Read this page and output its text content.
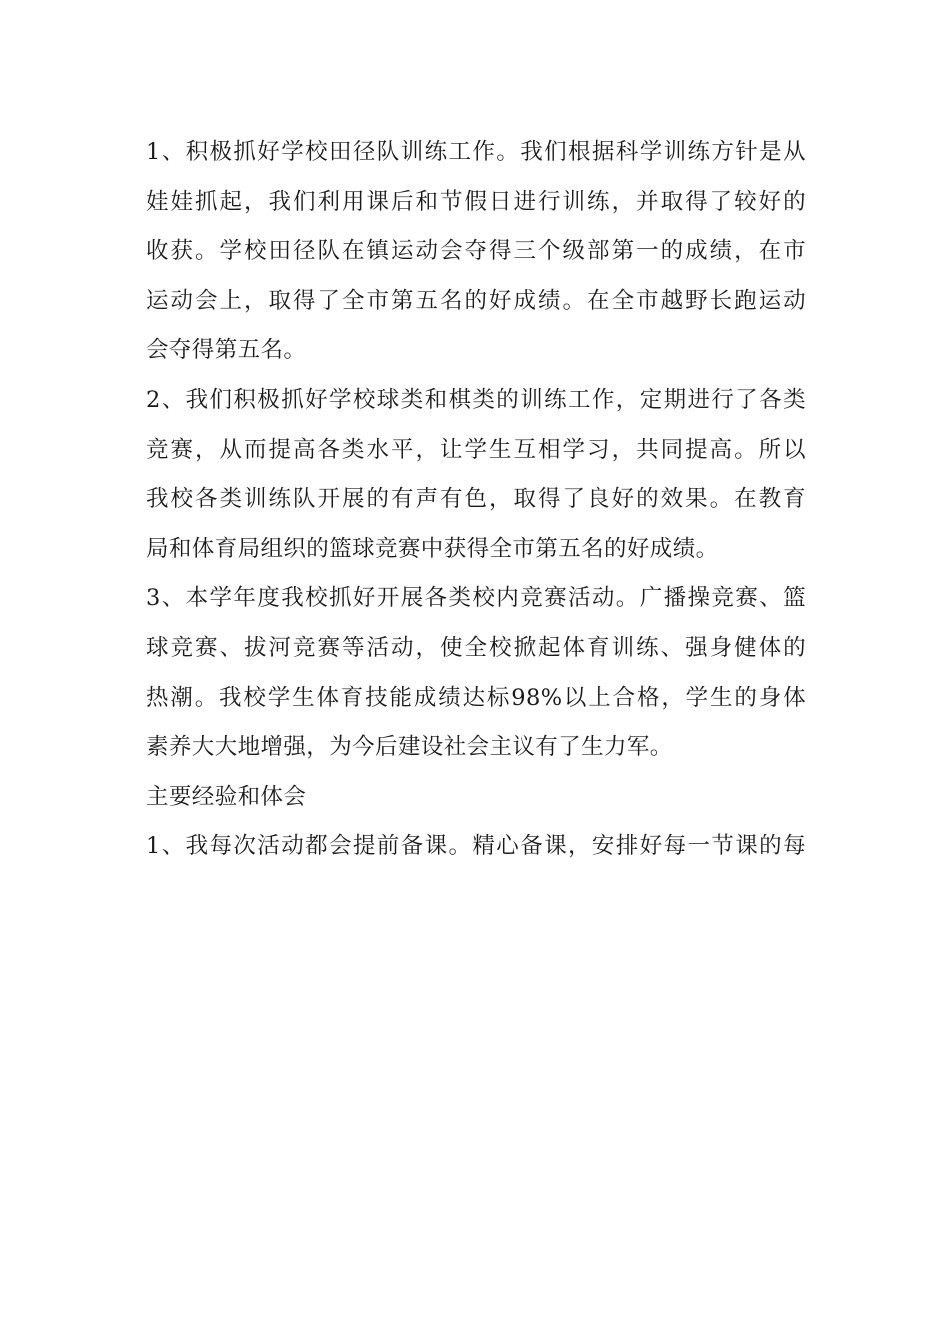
1、积极抓好学校田径队训练工作。我们根据科学训练方针是从
娃娃抓起，我们利用课后和节假日进行训练，并取得了较好的
收获。学校田径队在镇运动会夺得三个级部第一的成绩，在市
运动会上，取得了全市第五名的好成绩。在全市越野长跑运动
会夺得第五名。
2、我们积极抓好学校球类和棋类的训练工作，定期进行了各类
竞赛，从而提高各类水平，让学生互相学习，共同提高。所以
我校各类训练队开展的有声有色，取得了良好的效果。在教育
局和体育局组织的篮球竞赛中获得全市第五名的好成绩。
3、本学年度我校抓好开展各类校内竞赛活动。广播操竞赛、篮
球竞赛、拔河竞赛等活动，使全校掀起体育训练、强身健体的
热潮。我校学生体育技能成绩达标98%以上合格，学生的身体
素养大大地增强，为今后建设社会主议有了生力军。
主要经验和体会
1、我每次活动都会提前备课。精心备课，安排好每一节课的每
